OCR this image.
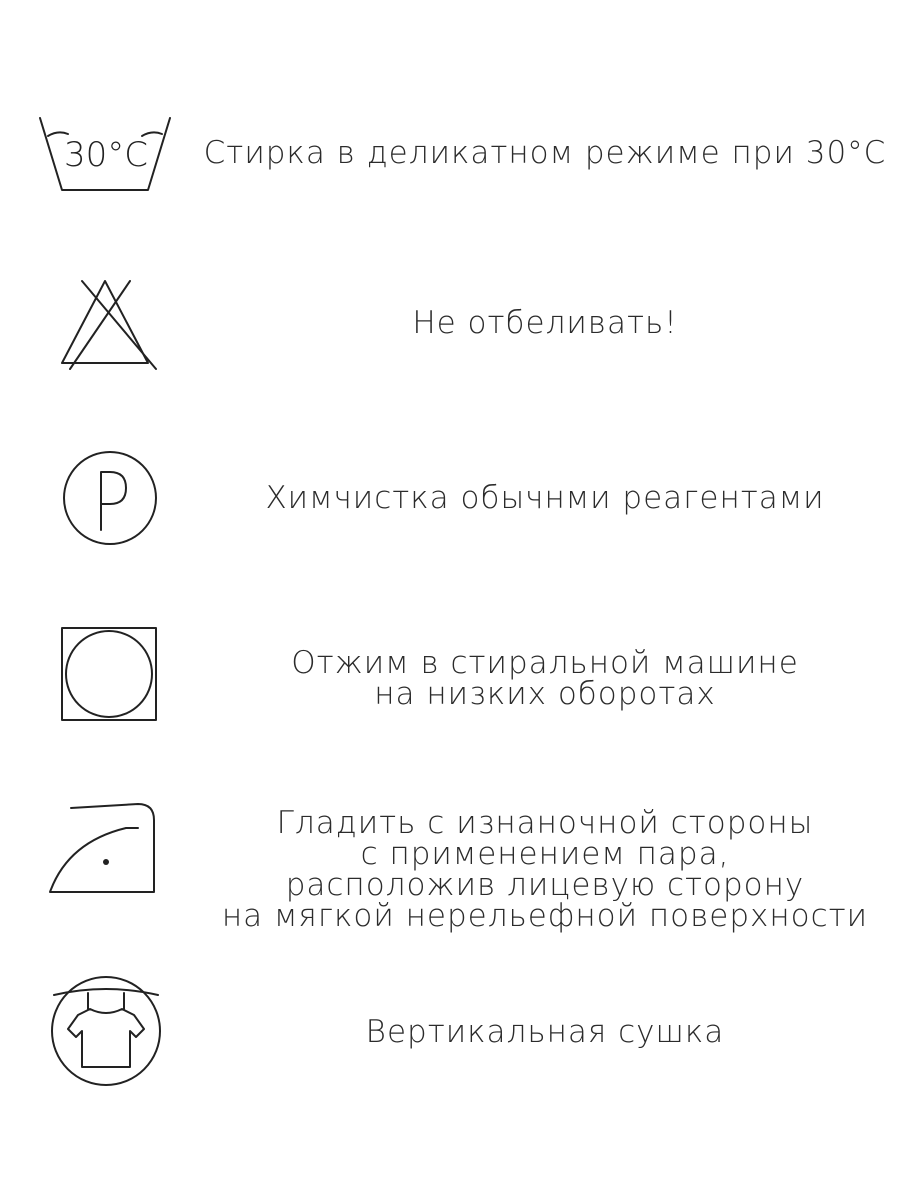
30°C Стирка в деликатном режиме при 30°C
Не отбеливать!
Химчистка обычнми реагентами
Отжим в стиральной машине
на низких оборотах
Гладить с изнаночной стороны
с применением пара,
расположив лицевую сторону
на мягкой нерельефной поверхности
Вертикальная сушка
